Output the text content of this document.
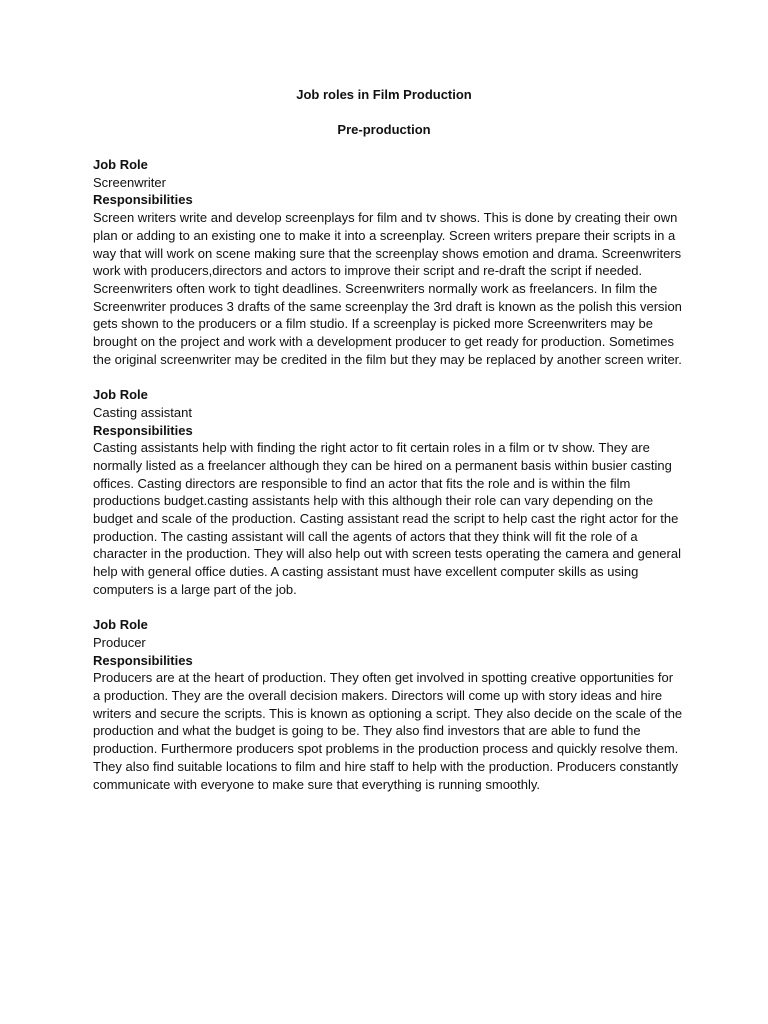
Job roles in Film Production
Pre-production
Job Role
Screenwriter
Responsibilities

Screen writers write and develop screenplays for film and tv shows. This is done by creating their own plan or adding to an existing one to make it into a screenplay. Screen writers prepare their scripts in a way that will work on scene making sure that the screenplay shows emotion and drama. Screenwriters work with producers,directors and actors to improve their script and re-draft the script if needed. Screenwriters often work to tight deadlines. Screenwriters normally work as freelancers. In film the Screenwriter produces 3 drafts of the same screenplay the 3rd draft is known as the polish this version gets shown to the producers or a film studio. If a screenplay is picked more Screenwriters may be brought on the project and work with a development producer to get ready for production. Sometimes the original screenwriter may be credited in the film but they may be replaced by another screen writer.

Job Role
Casting assistant
Responsibilities

Casting assistants help with finding the right actor to fit certain roles in a film or tv show. They are normally listed as a freelancer although they can be hired on a permanent basis within busier casting offices. Casting directors are responsible to find an actor that fits the role and is within the film productions budget.casting assistants help with this although their role can vary depending on the budget and scale of the production. Casting assistant read the script to help cast the right actor for the production. The casting assistant will call the agents of actors that they think will fit the role of a character in the production. They will also help out with screen tests operating the camera and general help with general office duties. A casting assistant must have excellent computer skills as using computers is a large part of the job.

Job Role
Producer
Responsibilities

Producers are at the heart of production. They often get involved in spotting creative opportunities for a production. They are the overall decision makers. Directors will come up with story ideas and hire writers and secure the scripts. This is known as optioning a script. They also decide on the scale of the production and what the budget is going to be. They also find investors that are able to fund the production. Furthermore producers spot problems in the production process and quickly resolve them. They also find suitable locations to film and hire staff to help with the production. Producers constantly communicate with everyone to make sure that everything is running smoothly.
